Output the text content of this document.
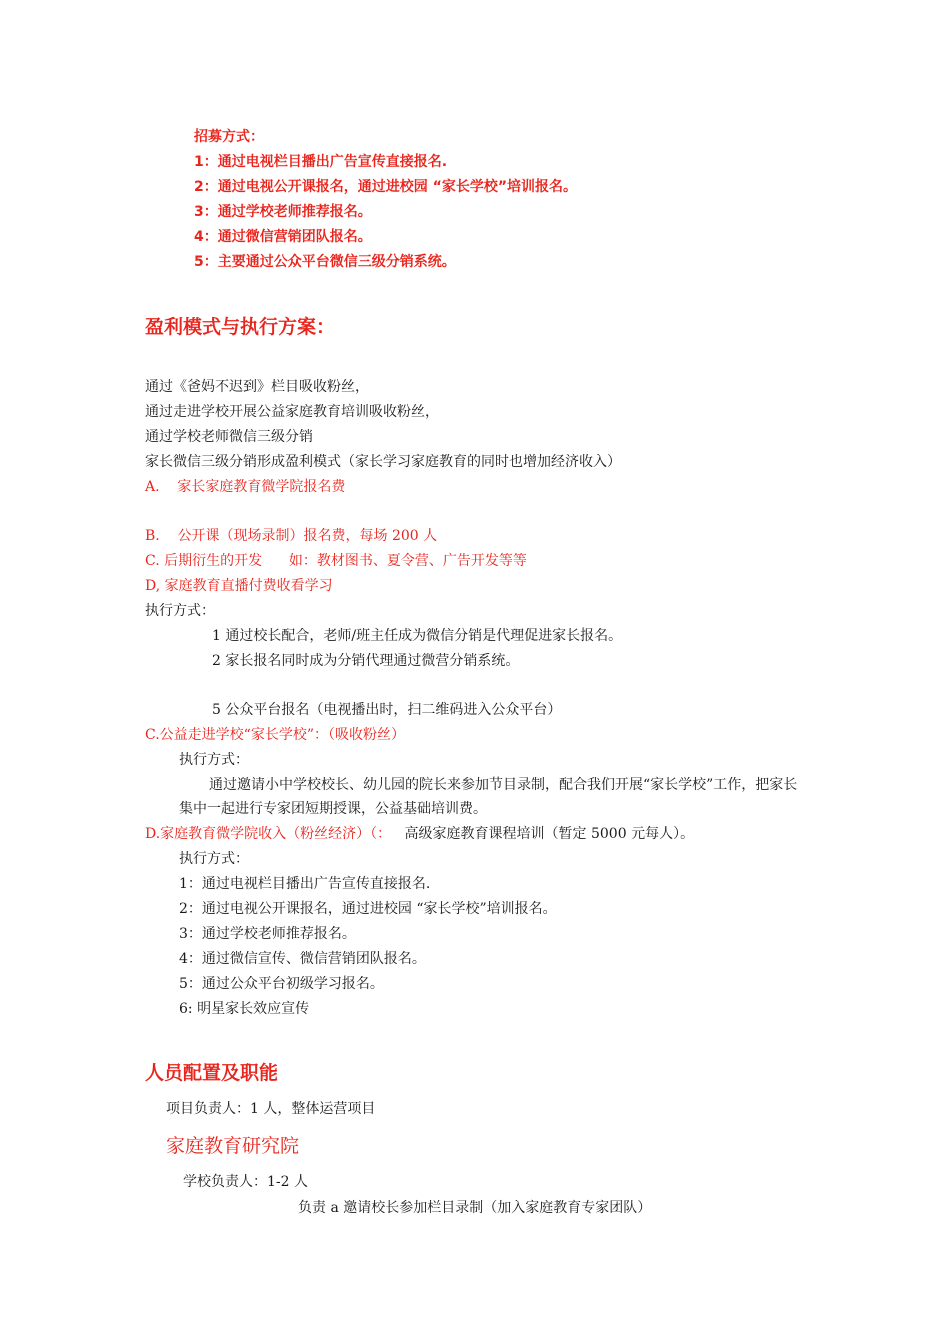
招募方式：
1：通过电视栏目播出广告宣传直接报名.
2：通过电视公开课报名，通过进校园 “家长学校”培训报名。
3：通过学校老师推荐报名。
4：通过微信营销团队报名。
5：主要通过公众平台微信三级分销系统。
盈利模式与执行方案：
通过《爸妈不迟到》栏目吸收粉丝，
通过走进学校开展公益家庭教育培训吸收粉丝，
通过学校老师微信三级分销
家长微信三级分销形成盈利模式（家长学习家庭教育的同时也增加经济收入）
A.    家长家庭教育微学院报名费
B.    公开课（现场录制）报名费，每场 200 人
C. 后期衍生的开发      如：教材图书、夏令营、广告开发等等
D, 家庭教育直播付费收看学习
执行方式：
1 通过校长配合，老师/班主任成为微信分销是代理促进家长报名。
2 家长报名同时成为分销代理通过微营分销系统。
5 公众平台报名（电视播出时，扫二维码进入公众平台）
C.公益走进学校“家长学校”：（吸收粉丝）
执行方式：
通过邀请小中学校校长、幼儿园的院长来参加节目录制，配合我们开展“家长学校”工作，把家长集中一起进行专家团短期授课，公益基础培训费。
D.家庭教育微学院收入（粉丝经济）（：   高级家庭教育课程培训（暂定 5000 元每人）。
执行方式：
1：通过电视栏目播出广告宣传直接报名.
2：通过电视公开课报名，通过进校园 “家长学校”培训报名。
3：通过学校老师推荐报名。
4：通过微信宣传、微信营销团队报名。
5：通过公众平台初级学习报名。
6: 明星家长效应宣传
人员配置及职能
项目负责人：1 人，整体运营项目
家庭教育研究院
学校负责人：1-2 人
负责 a 邀请校长参加栏目录制（加入家庭教育专家团队）
